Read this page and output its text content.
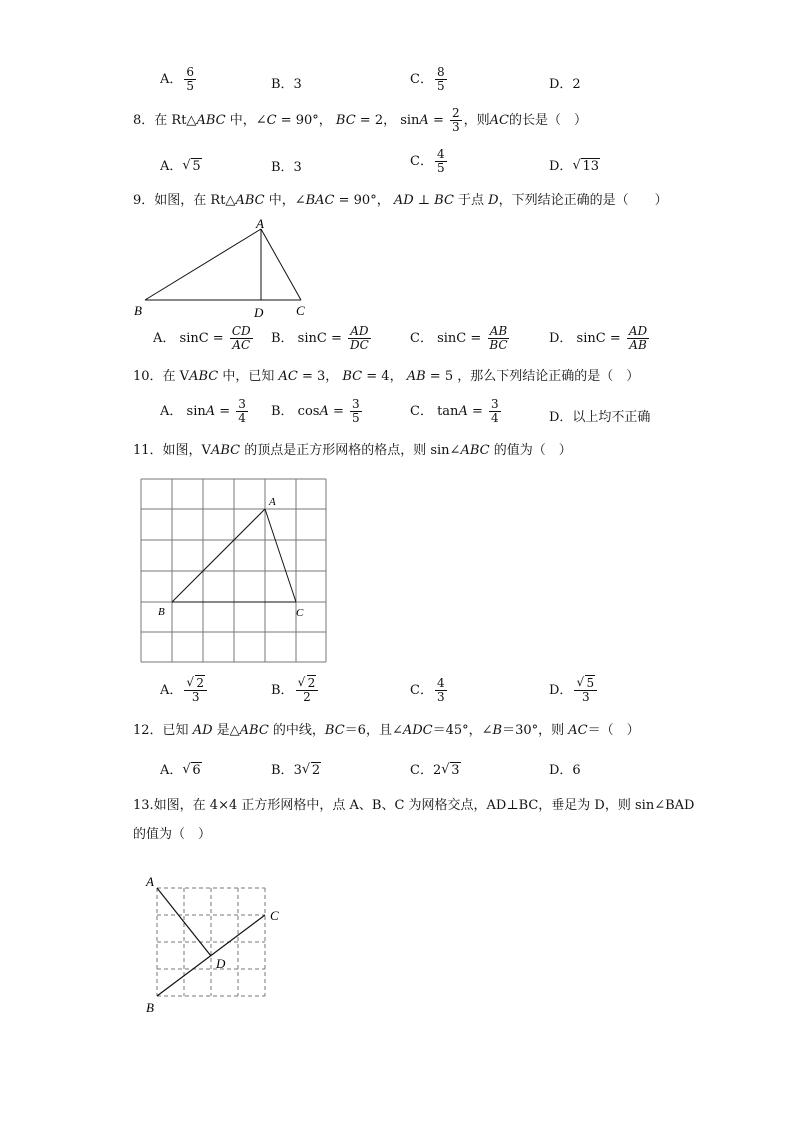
A． $\frac{6}{5}$	B．3	C． $\frac{8}{5}$	D．2
8．在 Rt△ABC 中，∠C = 90°， BC = 2， $\sin A = \frac{2}{3}$ ，则AC的长是（　）
A． √ 5	B．3	C． $\frac{4}{5}$	D． √ 13
9．如图，在 Rt△ABC 中，∠BAC = 90°， AD ⊥ BC 于点 D，下列结论正确的是（　　）
A
B	D	C
A． $\sin C = \frac{CD}{AC}$ B． $\sin C = \frac{AD}{DC}$	C． $\sin C = \frac{AB}{BC}$	D． $\sin C = \frac{AD}{AB}$
10．在 VABC 中，已知 AC = 3， BC = 4， AB = 5 ，那么下列结论正确的是（　）
A． $\sin A = \frac{3}{4}$ B． $\cos A = \frac{3}{5}$	C． $\tan A = \frac{3}{4}$	D．以上均不正确
11．如图，VABC 的顶点是正方形网格的格点，则 sin∠ABC 的值为（　）
A
B	C
A． √ $\frac{2}{3}$	B． √ $\frac{2}{2}$	C． $\frac{4}{3}$	D． √ $\frac{5}{3}$
12．已知 AD 是△ABC 的中线，BC＝6，且∠ADC＝45°，∠B＝30°，则 AC＝（　）
A． √ 6	B．3 √ 2	C．2 √ 3	D．6
13.如图，在 4×4 正方形网格中，点 A、B、C 为网格交点，AD⊥BC，垂足为 D，则 sin∠BAD
的值为（　）
A
B
C
D
